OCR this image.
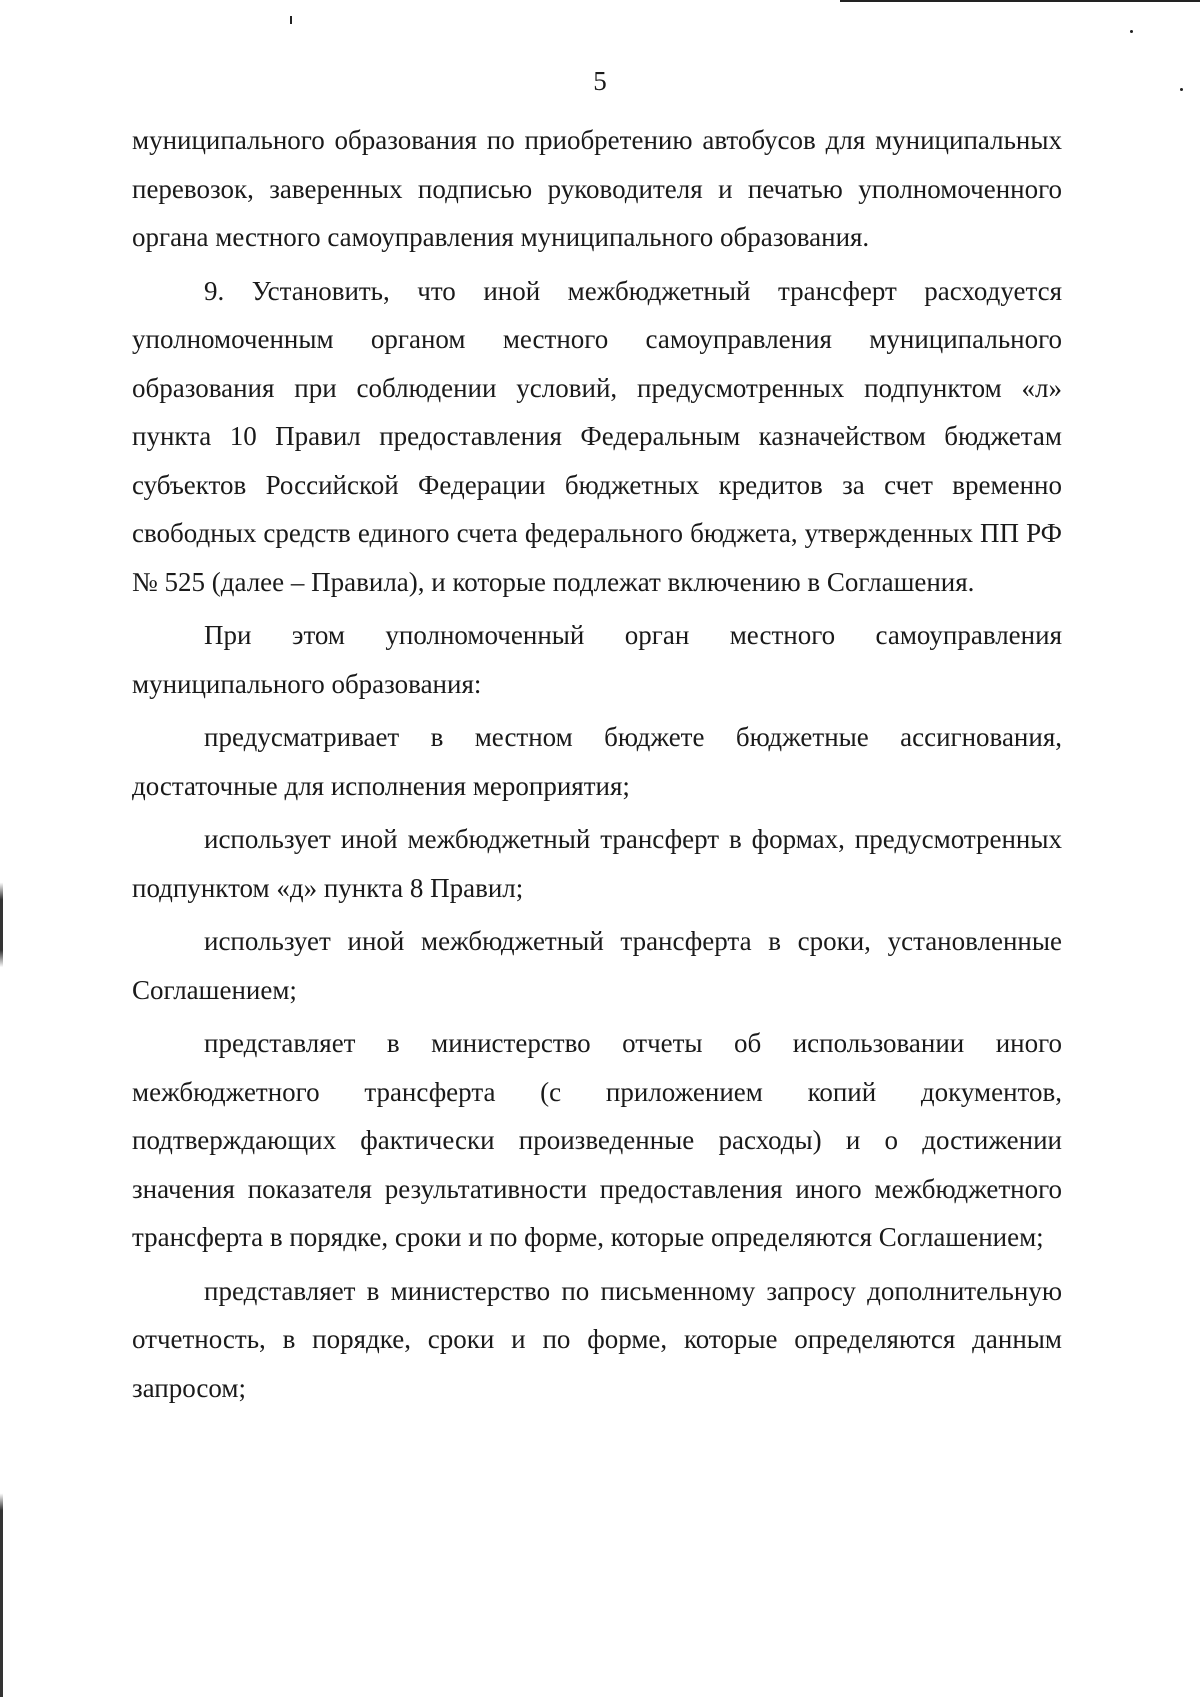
5

муниципального образования по приобретению автобусов для муниципальных перевозок, заверенных подписью руководителя и печатью уполномоченного органа местного самоуправления муниципального образования.

9. Установить, что иной межбюджетный трансферт расходуется уполномоченным органом местного самоуправления муниципального образования при соблюдении условий, предусмотренных подпунктом «л» пункта 10 Правил предоставления Федеральным казначейством бюджетам субъектов Российской Федерации бюджетных кредитов за счет временно свободных средств единого счета федерального бюджета, утвержденных ПП РФ № 525 (далее – Правила), и которые подлежат включению в Соглашения.

При этом уполномоченный орган местного самоуправления муниципального образования:

предусматривает в местном бюджете бюджетные ассигнования, достаточные для исполнения мероприятия;

использует иной межбюджетный трансферт в формах, предусмотренных подпунктом «д» пункта 8 Правил;

использует иной межбюджетный трансферта в сроки, установленные Соглашением;

представляет в министерство отчеты об использовании иного межбюджетного трансферта (с приложением копий документов, подтверждающих фактически произведенные расходы) и о достижении значения показателя результативности предоставления иного межбюджетного трансферта в порядке, сроки и по форме, которые определяются Соглашением;

представляет в министерство по письменному запросу дополнительную отчетность, в порядке, сроки и по форме, которые определяются данным запросом;
